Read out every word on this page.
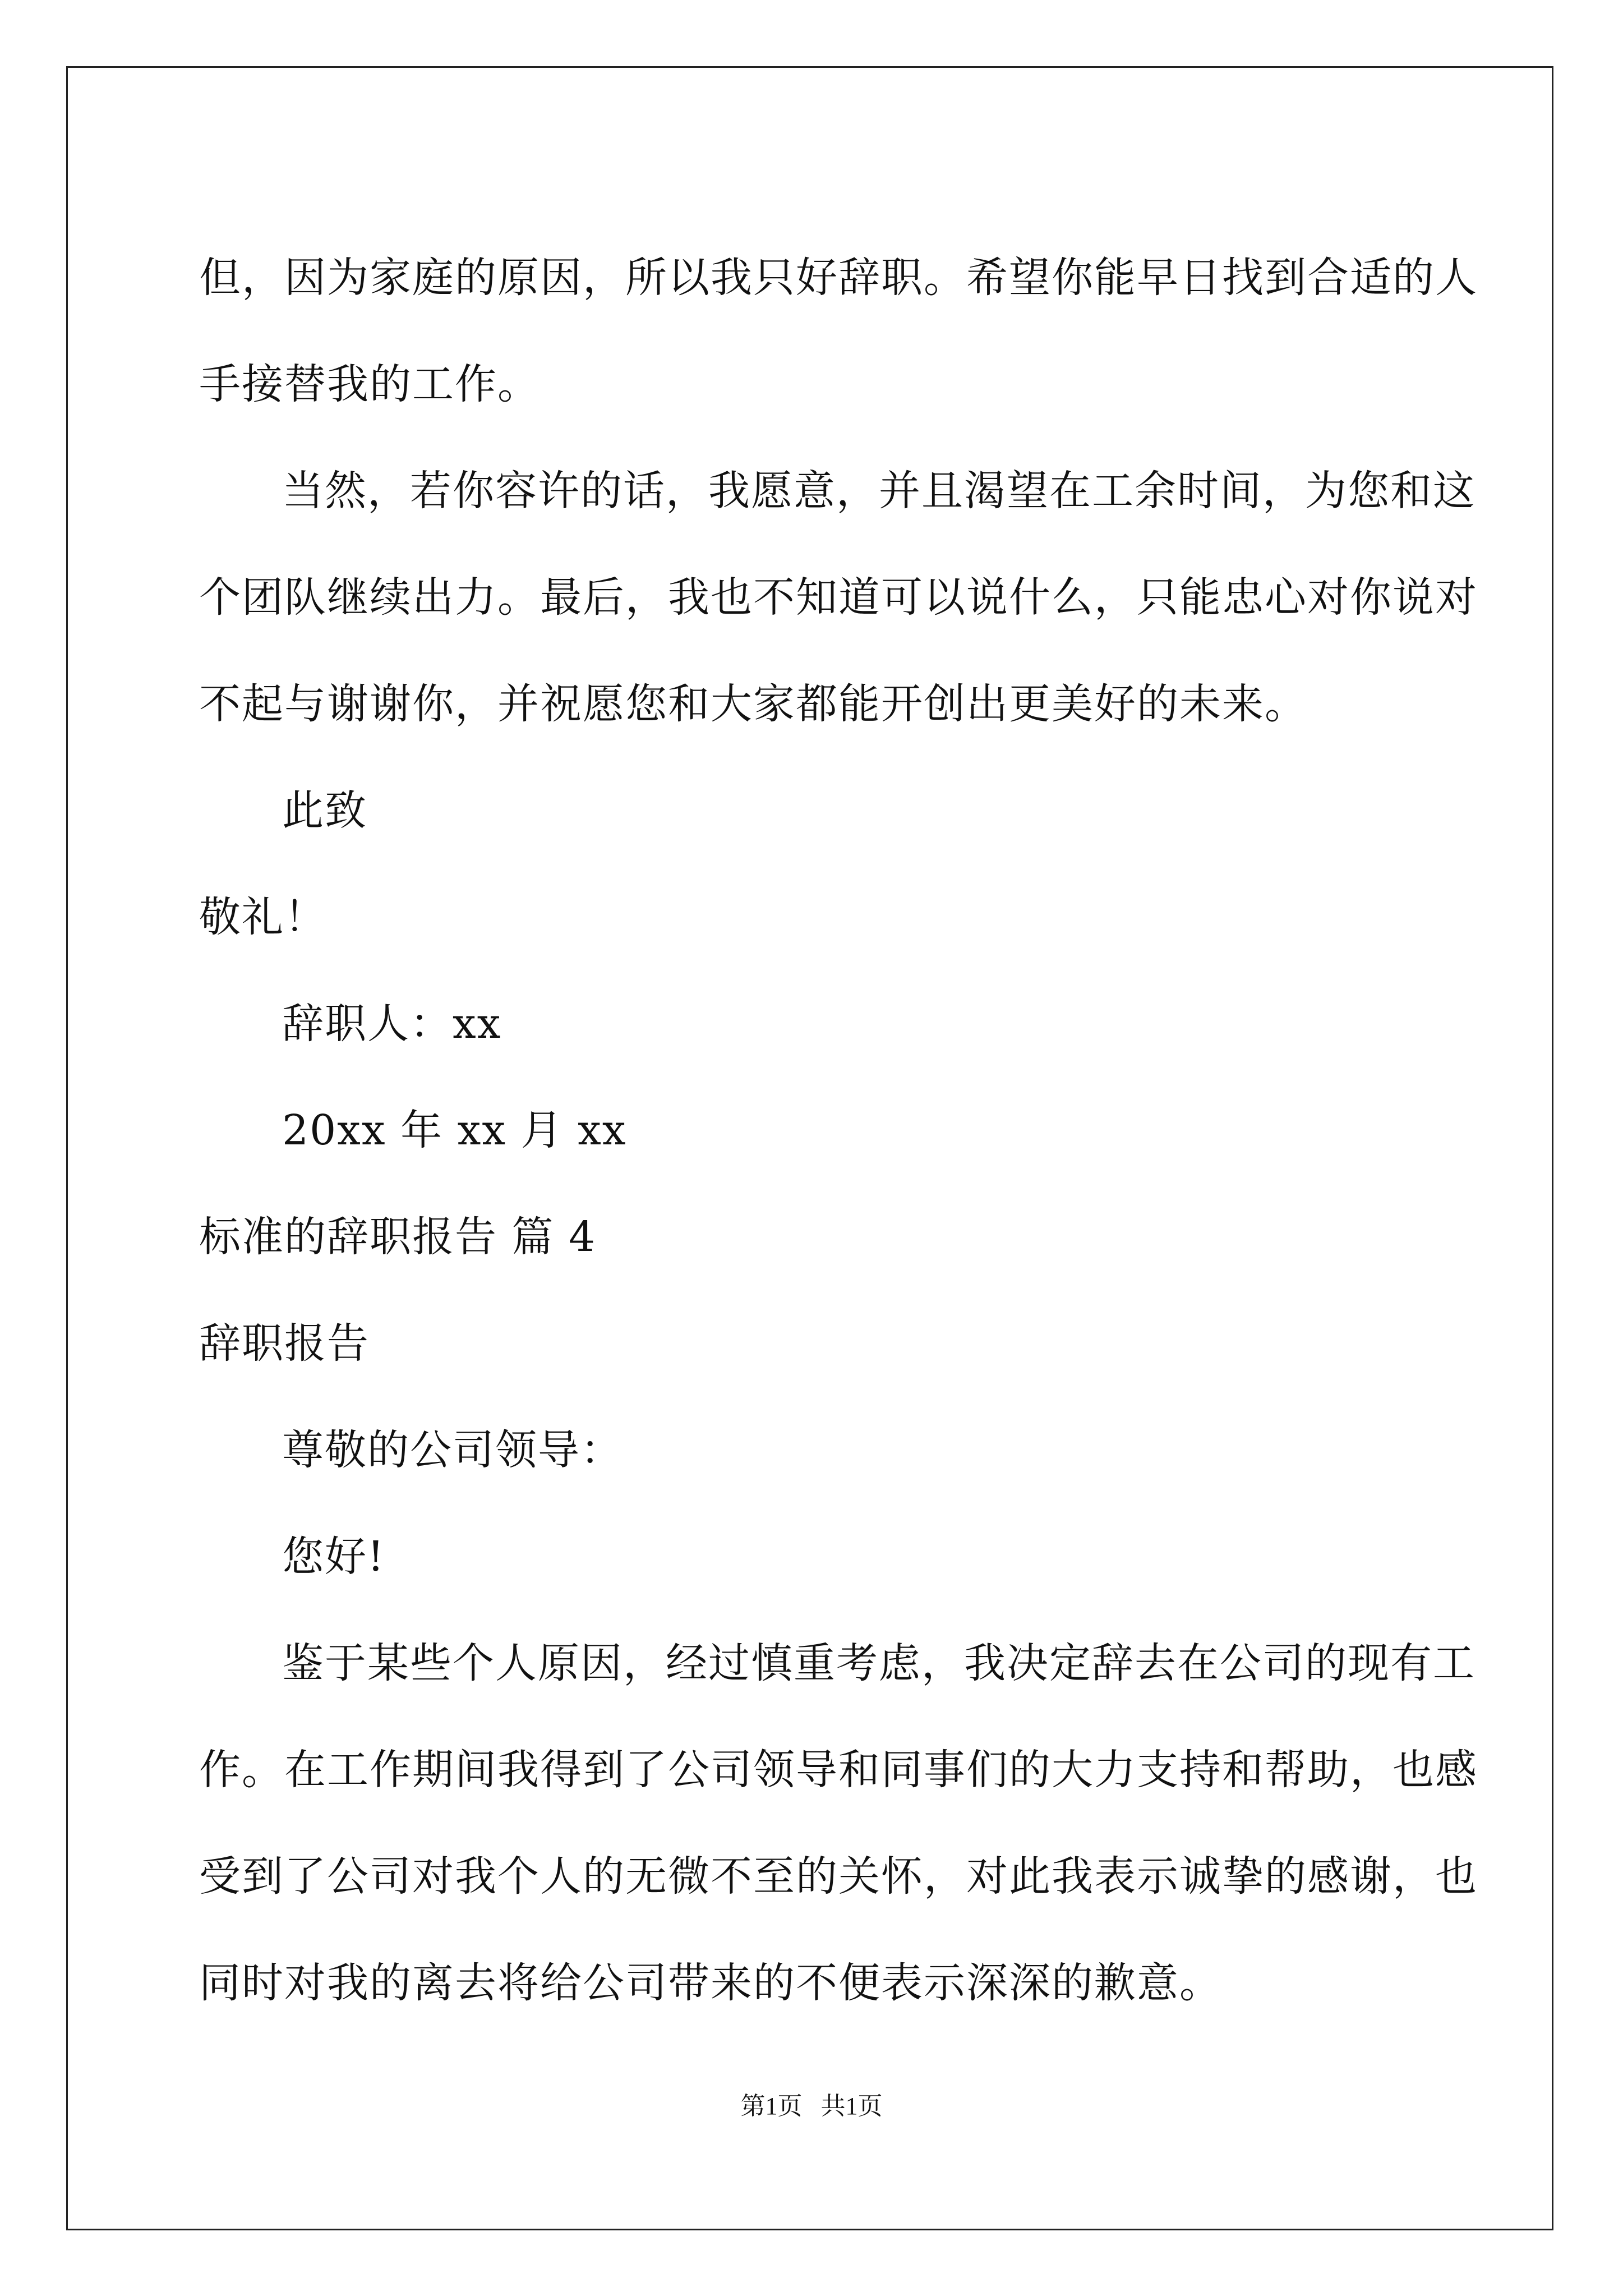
但，因为家庭的原因，所以我只好辞职。希望你能早日找到合适的人
手接替我的工作。
当然，若你容许的话，我愿意，并且渴望在工余时间，为您和这
个团队继续出力。最后，我也不知道可以说什么，只能忠心对你说对
不起与谢谢你，并祝愿您和大家都能开创出更美好的未来。
此致
敬礼！
辞职人：xx
20xx 年 xx 月 xx
标准的辞职报告 篇 4
辞职报告
尊敬的公司领导：
您好!
鉴于某些个人原因，经过慎重考虑，我决定辞去在公司的现有工
作。在工作期间我得到了公司领导和同事们的大力支持和帮助，也感
受到了公司对我个人的无微不至的关怀，对此我表示诚挚的感谢，也
同时对我的离去将给公司带来的不便表示深深的歉意。
第1页   共1页
